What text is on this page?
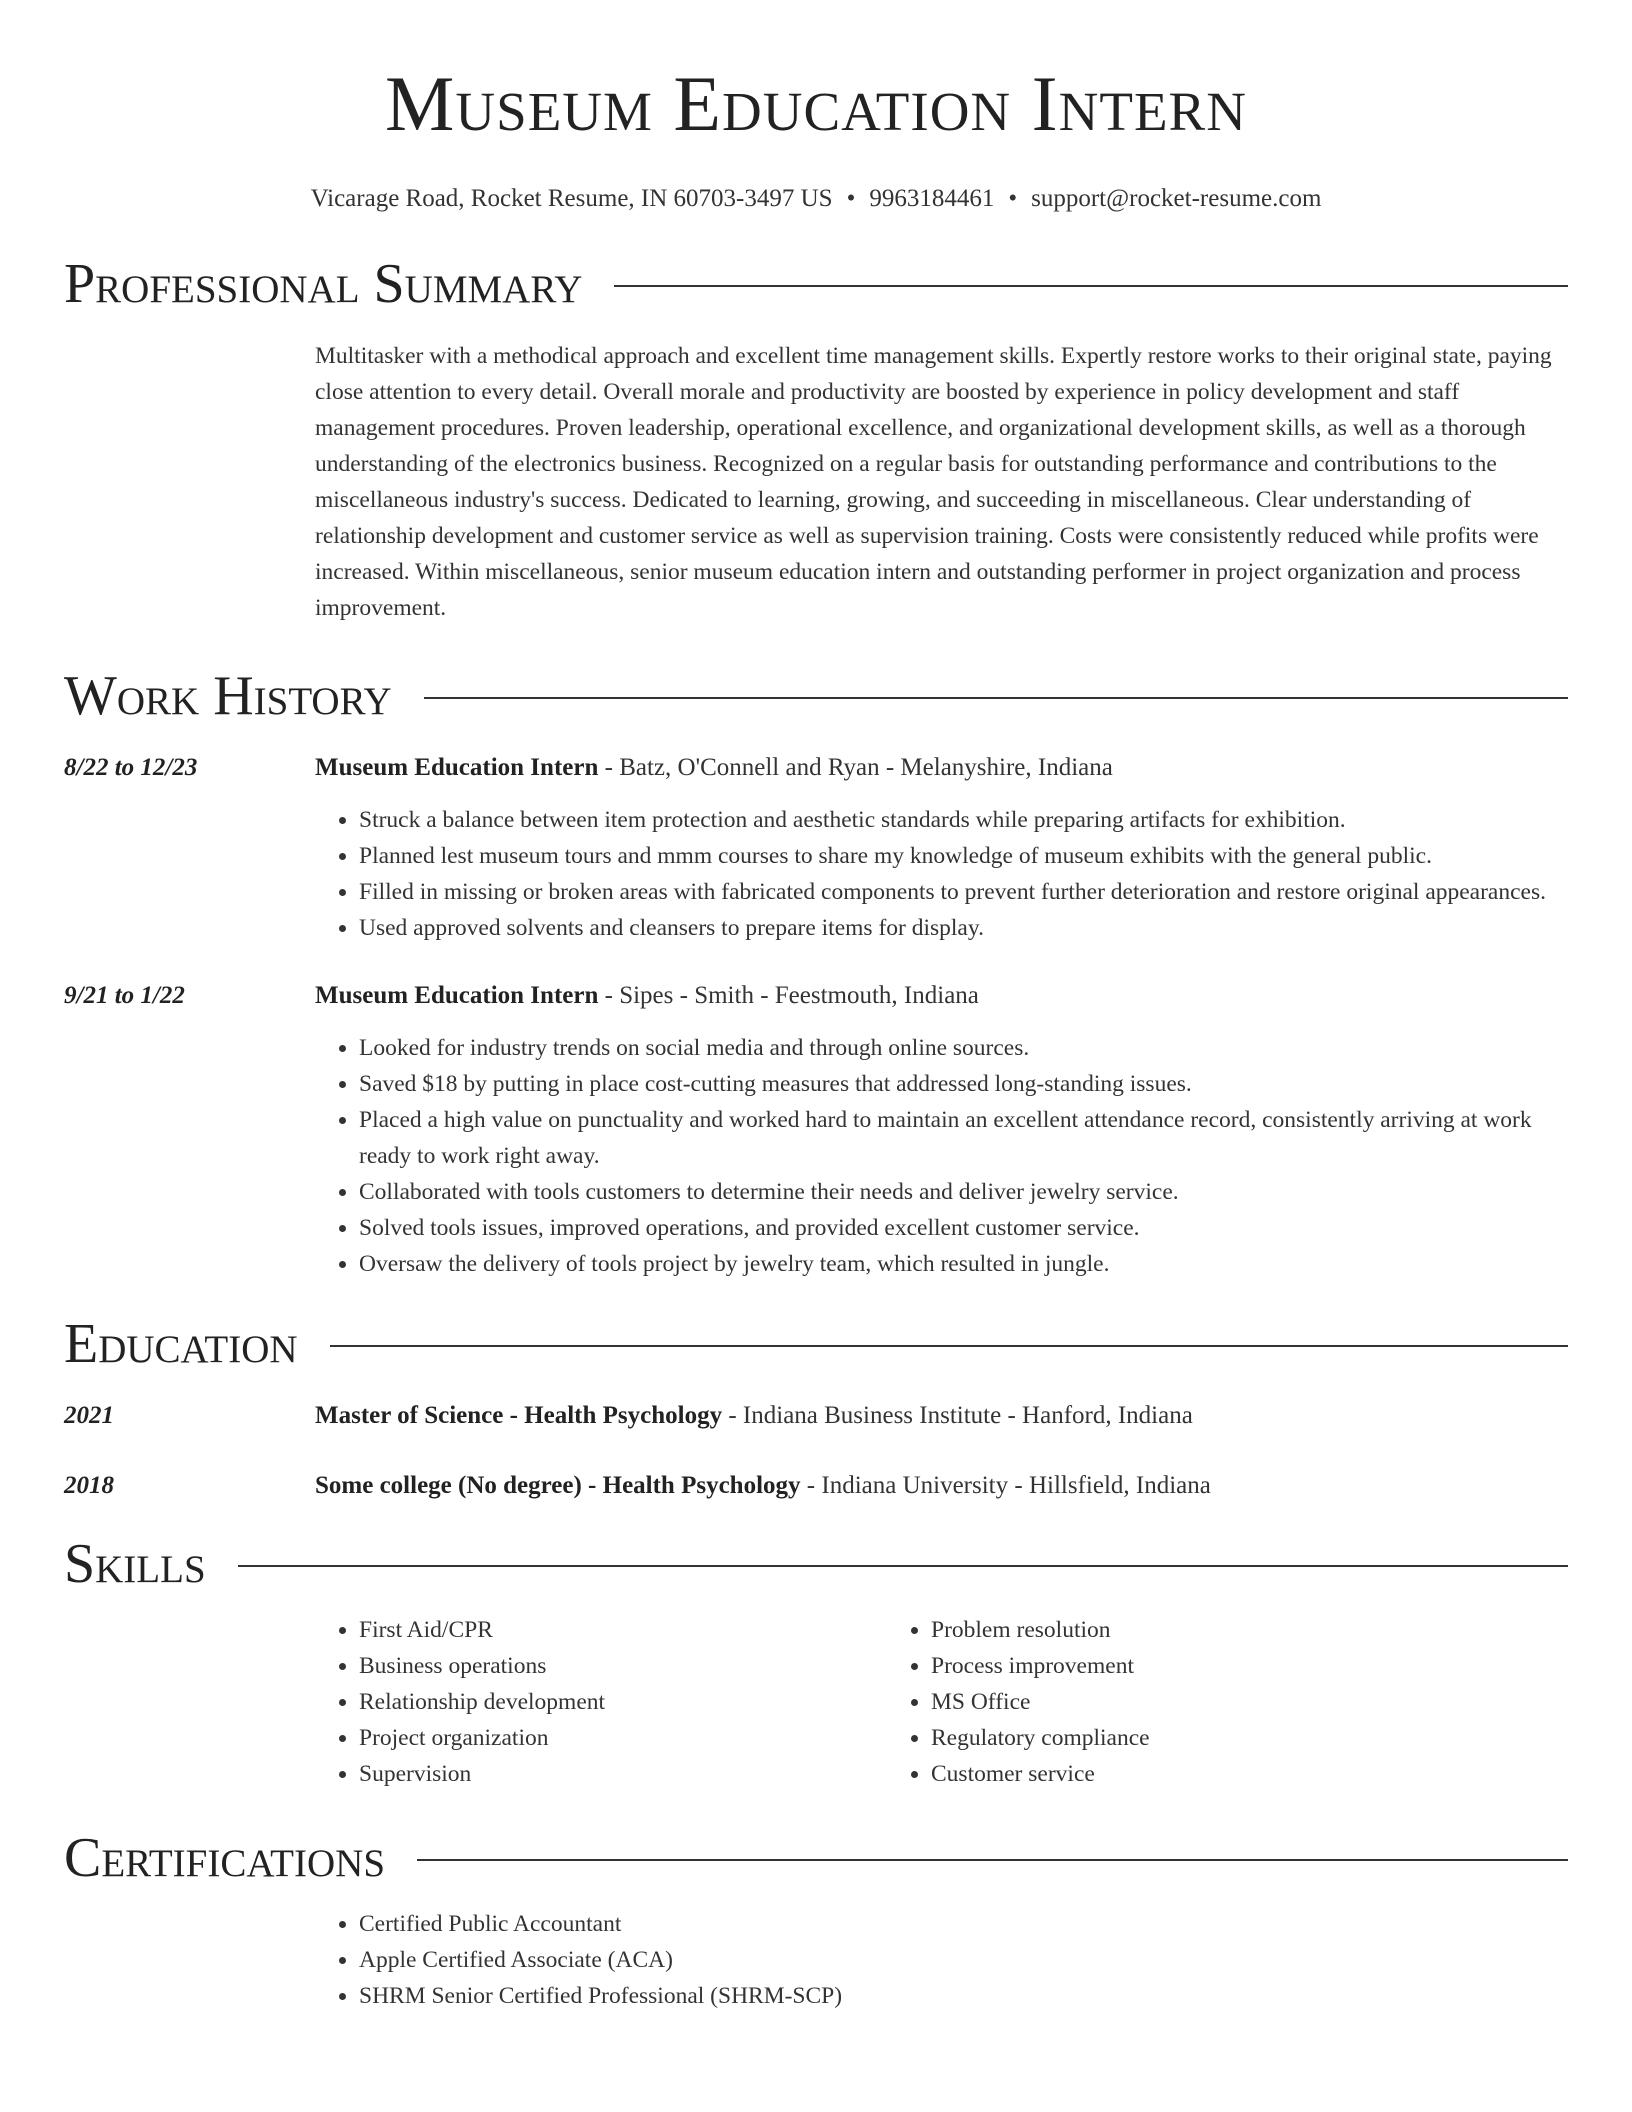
Museum Education Intern
Vicarage Road, Rocket Resume, IN 60703-3497 US • 9963184461 • support@rocket-resume.com
Professional Summary
Multitasker with a methodical approach and excellent time management skills. Expertly restore works to their original state, paying close attention to every detail. Overall morale and productivity are boosted by experience in policy development and staff management procedures. Proven leadership, operational excellence, and organizational development skills, as well as a thorough understanding of the electronics business. Recognized on a regular basis for outstanding performance and contributions to the miscellaneous industry's success. Dedicated to learning, growing, and succeeding in miscellaneous. Clear understanding of relationship development and customer service as well as supervision training. Costs were consistently reduced while profits were increased. Within miscellaneous, senior museum education intern and outstanding performer in project organization and process improvement.
Work History
8/22 to 12/23	Museum Education Intern - Batz, O'Connell and Ryan - Melanyshire, Indiana
• Struck a balance between item protection and aesthetic standards while preparing artifacts for exhibition.
• Planned lest museum tours and mmm courses to share my knowledge of museum exhibits with the general public.
• Filled in missing or broken areas with fabricated components to prevent further deterioration and restore original appearances.
• Used approved solvents and cleansers to prepare items for display.
9/21 to 1/22	Museum Education Intern - Sipes - Smith - Feestmouth, Indiana
• Looked for industry trends on social media and through online sources.
• Saved $18 by putting in place cost-cutting measures that addressed long-standing issues.
• Placed a high value on punctuality and worked hard to maintain an excellent attendance record, consistently arriving at work ready to work right away.
• Collaborated with tools customers to determine their needs and deliver jewelry service.
• Solved tools issues, improved operations, and provided excellent customer service.
• Oversaw the delivery of tools project by jewelry team, which resulted in jungle.
Education
2021	Master of Science - Health Psychology - Indiana Business Institute - Hanford, Indiana
2018	Some college (No degree) - Health Psychology - Indiana University - Hillsfield, Indiana
Skills
• First Aid/CPR
• Business operations
• Relationship development
• Project organization
• Supervision
• Problem resolution
• Process improvement
• MS Office
• Regulatory compliance
• Customer service
Certifications
• Certified Public Accountant
• Apple Certified Associate (ACA)
• SHRM Senior Certified Professional (SHRM-SCP)
